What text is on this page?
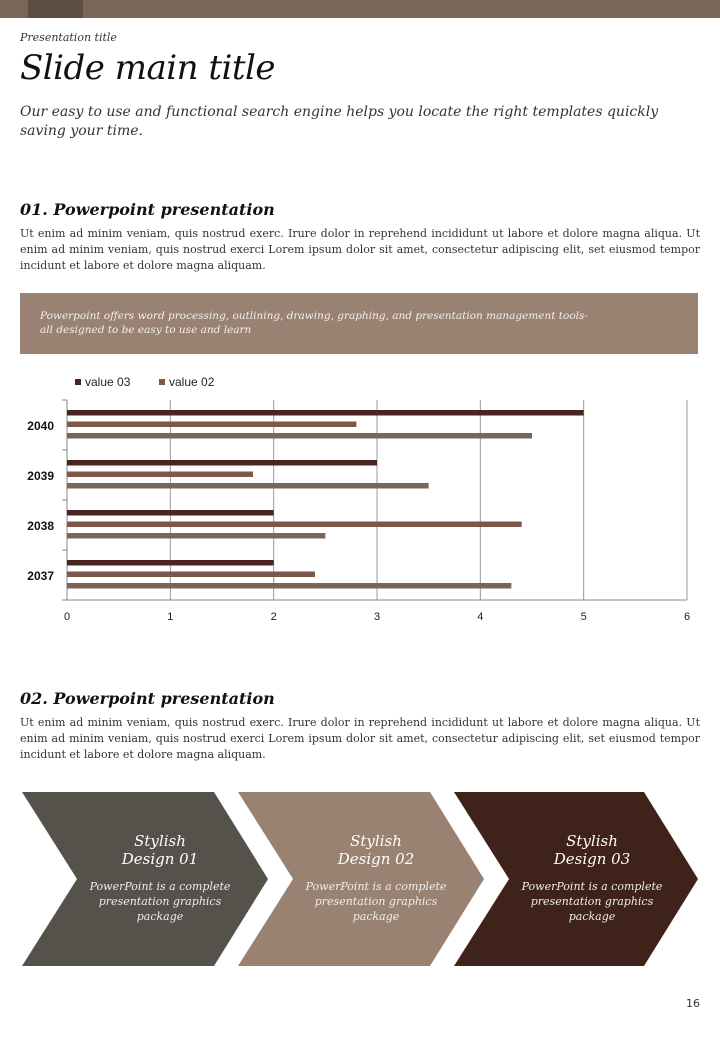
Presentation title
Slide main title
Our easy to use and functional search engine helps you locate the right templates quickly saving your time.
01. Powerpoint presentation
Ut enim ad minim veniam, quis nostrud exerc. Irure dolor in reprehend incididunt ut labore et dolore magna aliqua. Ut enim ad minim veniam, quis nostrud exerci Lorem ipsum dolor sit amet, consectetur adipiscing elit, set eiusmod tempor incidunt et labore et dolore magna aliquam.
Powerpoint offers word processing, outlining, drawing, graphing, and presentation management tools- all designed to be easy to use and learn
0	1	2	3	4	5	6
2040
2039
2038
2037
value 03	value 02
02. Powerpoint presentation
Ut enim ad minim veniam, quis nostrud exerc. Irure dolor in reprehend incididunt ut labore et dolore magna aliqua. Ut enim ad minim veniam, quis nostrud exerci Lorem ipsum dolor sit amet, consectetur adipiscing elit, set eiusmod tempor incidunt et labore et dolore magna aliquam.
Stylish
Design 01
PowerPoint is a complete
presentation graphics
package
Stylish
Design 02
PowerPoint is a complete
presentation graphics
package
Stylish
Design 03
PowerPoint is a complete
presentation graphics
package
16
